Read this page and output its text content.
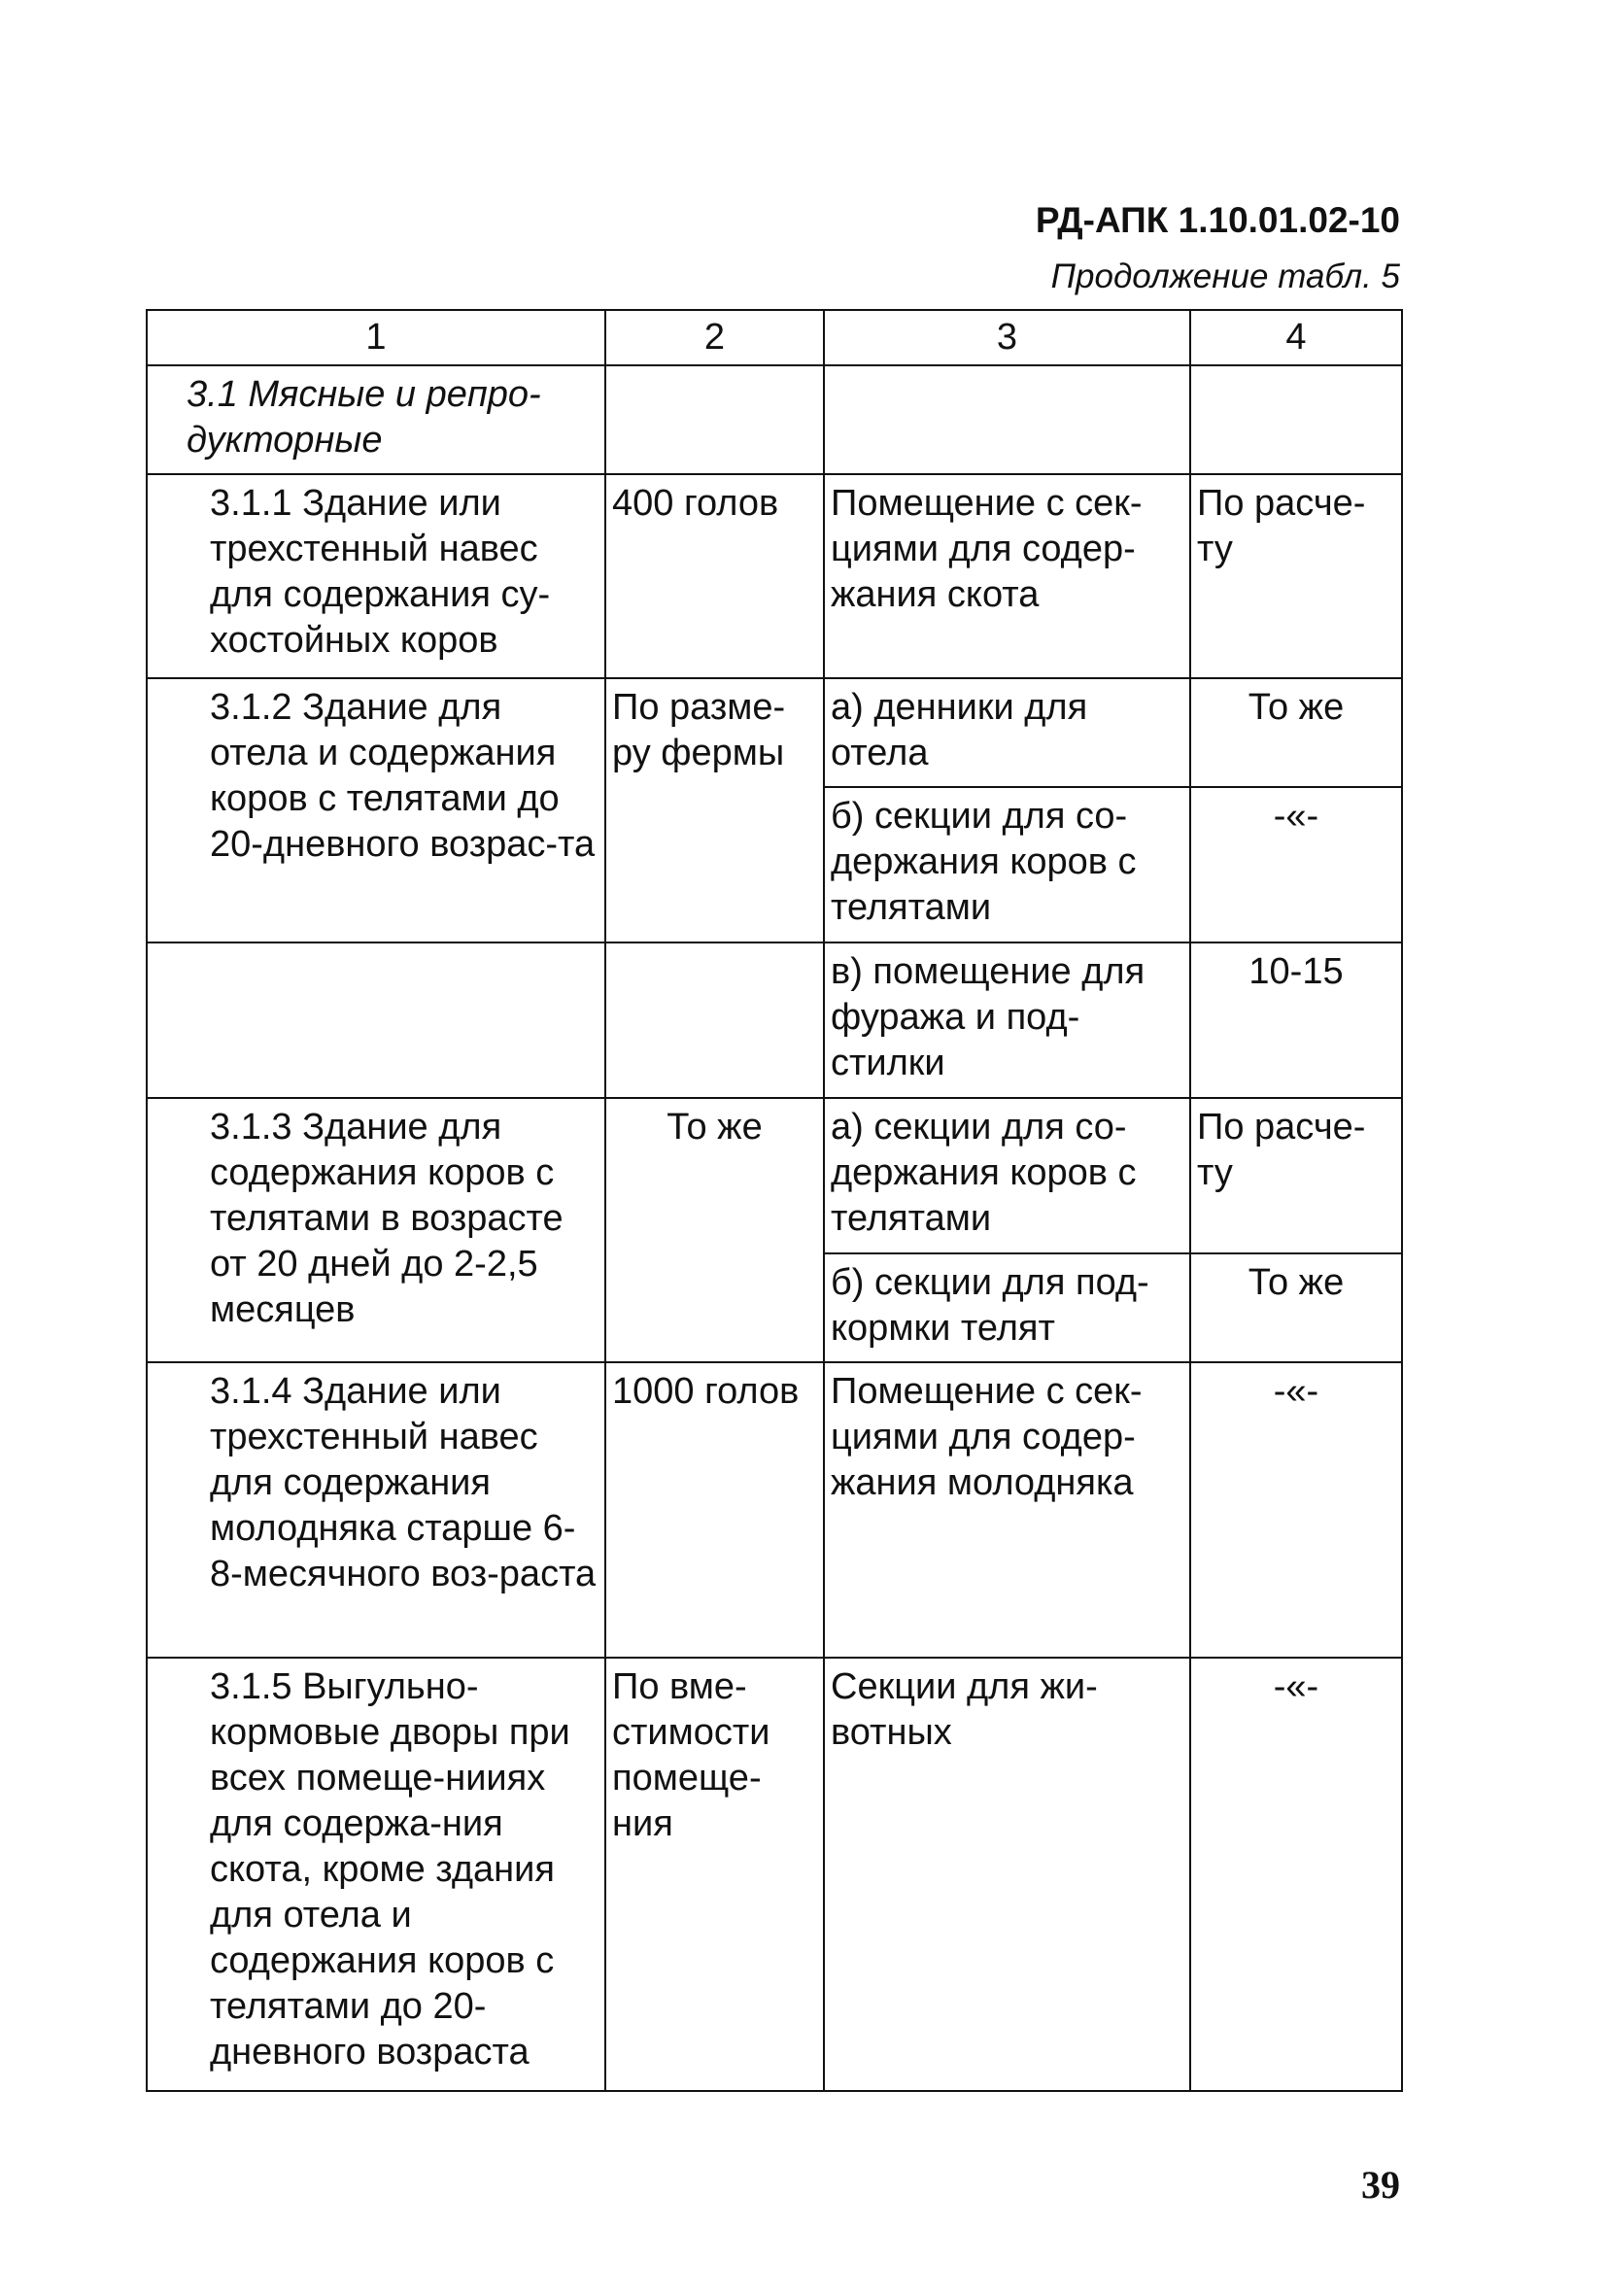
РД-АПК 1.10.01.02-10
Продолжение табл. 5
1	2	3	4
3.1 Мясные и репро-дукторные			
3.1.1 Здание или трехстенный навес для содержания су-хостойных коров	400 голов	Помещение с сек-циями для содер-жания скота	По расче-ту
3.1.2 Здание для отела и содержания коров с телятами до 20-дневного возрас-та	По разме-ру фермы	а) денники для отела	То же
		б) секции для со-держания коров с телятами	-«-
		в) помещение для фуража и под-стилки	10-15
3.1.3 Здание для содержания коров с телятами в возрасте от 20 дней до 2-2,5 месяцев	То же	а) секции для со-держания коров с телятами	По расче-ту
		б) секции для под-кормки телят	То же
3.1.4 Здание или трехстенный навес для содержания молодняка старше 6-8-месячного воз-раста	1000 голов	Помещение с сек-циями для содер-жания молодняка	-«-
3.1.5 Выгульно-кормовые дворы при всех помеще-нииях для содержа-ния скота, кроме здания для отела и содержания коров с телятами до 20-дневного возраста	По вме-стимости помеще-ния	Секции для жи-вотных	-«-
39
